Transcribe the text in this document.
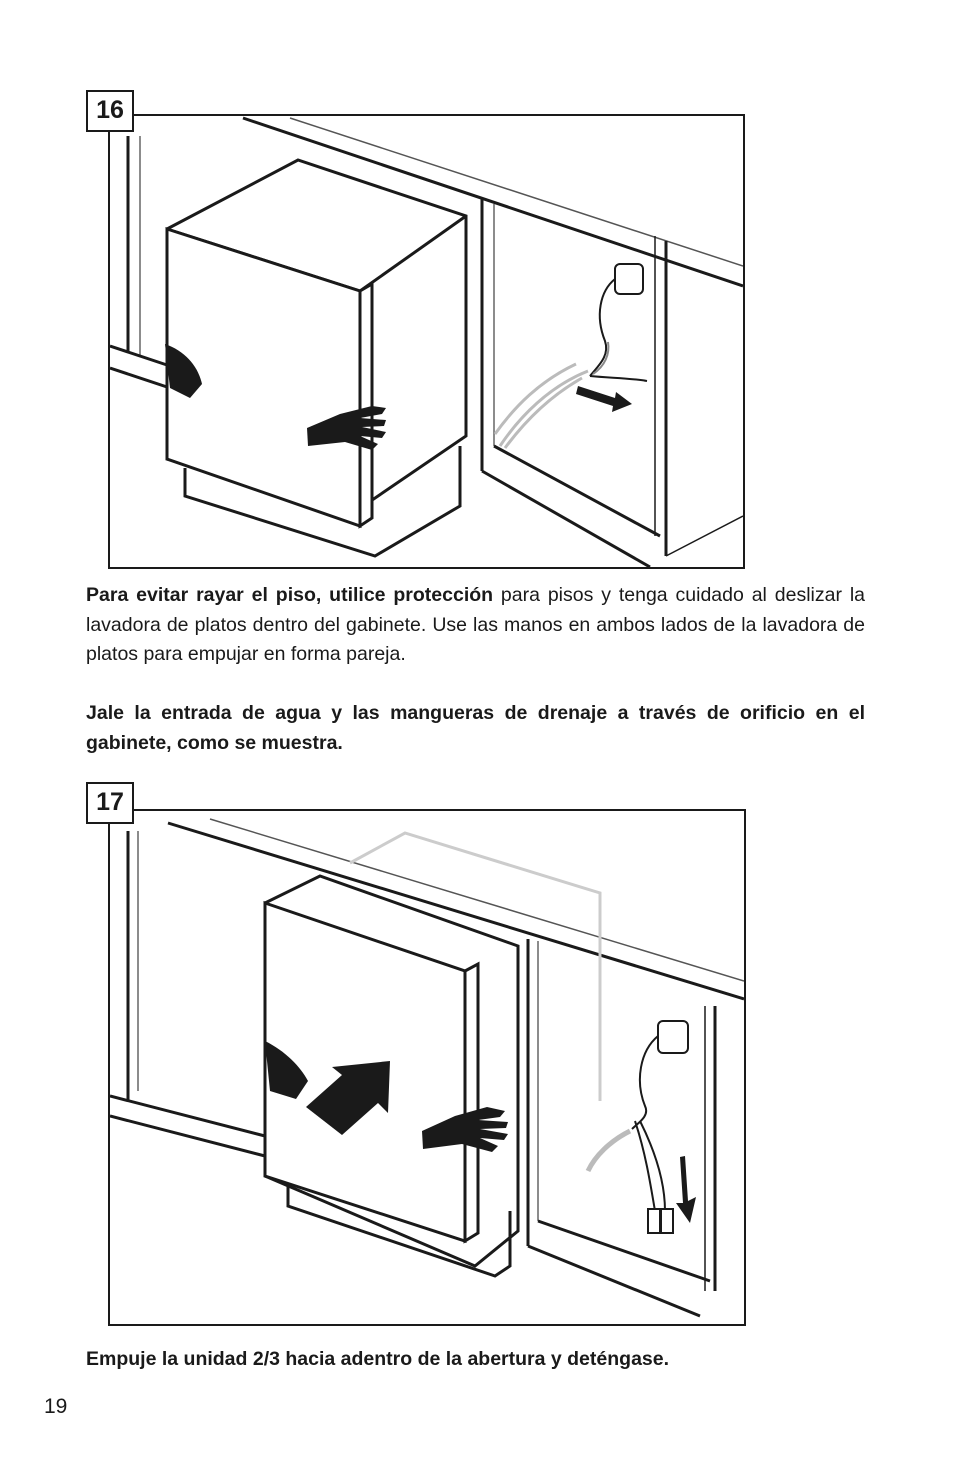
16
Para evitar rayar el piso, utilice protección para pisos y tenga cuidado al deslizar la lavadora de platos dentro del gabinete. Use las manos en ambos lados de la lavadora de platos para empujar en forma pareja.
Jale la entrada de agua y las mangueras de drenaje a través de orificio en el gabinete, como se muestra.
17
Empuje la unidad 2/3 hacia adentro de la abertura y deténgase.
19
